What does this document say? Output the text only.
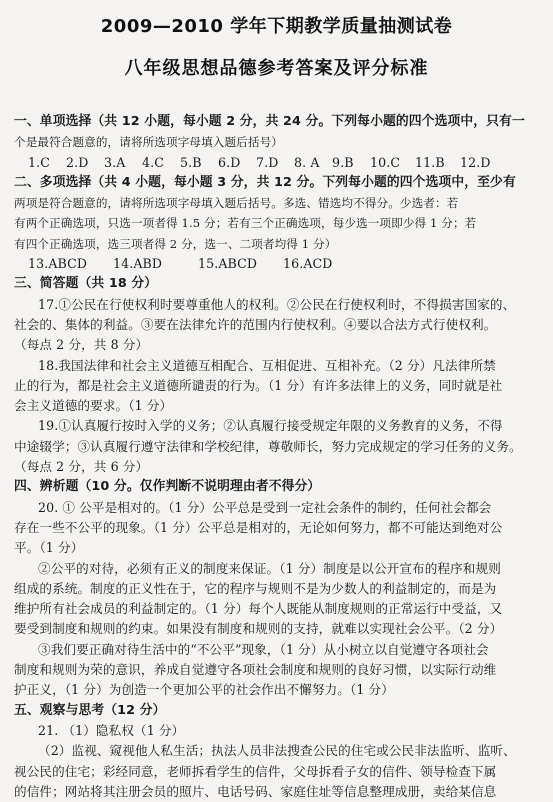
2009—2010 学年下期教学质量抽测试卷
八年级思想品德参考答案及评分标准
一、单项选择（共 12 小题，每小题 2 分，共 24 分。下列每小题的四个选项中，只有一
个是最符合题意的，请将所选项字母填入题后括号）
1.C	2.D	3.A	4.C	5.B	6.D	7.D	8. A 9.B	10.C	11.B	12.D
二、多项选择（共 4 小题，每小题 3 分，共 12 分。下列每小题的四个选项中，至少有
两项是符合题意的，请将所选项字母填入题后括号。多选、错选均不得分。少选者：若
有两个正确选项，只选一项者得 1.5 分；若有三个正确选项，每少选一项即少得 1 分；若
有四个正确选项，选三项者得 2 分，选一、二项者均得 1 分）
13.ABCD	14.ABD	15.ABCD	16.ACD
三、简答题（共 18 分）
17.①公民在行使权利时要尊重他人的权利。②公民在行使权利时，不得损害国家的、
社会的、集体的利益。③要在法律允许的范围内行使权利。④要以合法方式行使权利。
（每点 2 分，共 8 分）
18.我国法律和社会主义道德互相配合、互相促进、互相补充。（2 分）凡法律所禁
止的行为，都是社会主义道德所谴责的行为。（1 分）有许多法律上的义务，同时就是社
会主义道德的要求。（1 分）
19.①认真履行按时入学的义务；②认真履行接受规定年限的义务教育的义务，不得
中途辍学；③认真履行遵守法律和学校纪律，尊敬师长，努力完成规定的学习任务的义务。
（每点 2 分，共 6 分）
四、辨析题（10 分。仅作判断不说明理由者不得分）
20. ① 公平是相对的。（1 分）公平总是受到一定社会条件的制约，任何社会都会
存在一些不公平的现象。（1 分）公平总是相对的，无论如何努力，都不可能达到绝对公
平。（1 分）
②公平的对待，必须有正义的制度来保证。（1 分）制度是以公开宣布的程序和规则
组成的系统。制度的正义性在于，它的程序与规则不是为少数人的利益制定的，而是为
维护所有社会成员的利益制定的。（1 分）每个人既能从制度规则的正常运行中受益，又
要受到制度和规则的约束。如果没有制度和规则的支持，就难以实现社会公平。（2 分）
③我们要正确对待生活中的“不公平”现象，（1 分）从小树立以自觉遵守各项社会
制度和规则为荣的意识，养成自觉遵守各项社会制度和规则的良好习惯，以实际行动维
护正义，（1 分）为创造一个更加公平的社会作出不懈努力。（1 分）
五、观察与思考（12 分）
21. （1）隐私权（1 分）
（2）监视、窥视他人私生活；执法人员非法搜查公民的住宅或公民非法监听、监听、
视公民的住宅；彩经同意，老师拆看学生的信件，父母拆看子女的信件、领导检查下属
的信件；网站将其注册会员的照片、电话号码、家庭住址等信息整理成册，卖给某信息
